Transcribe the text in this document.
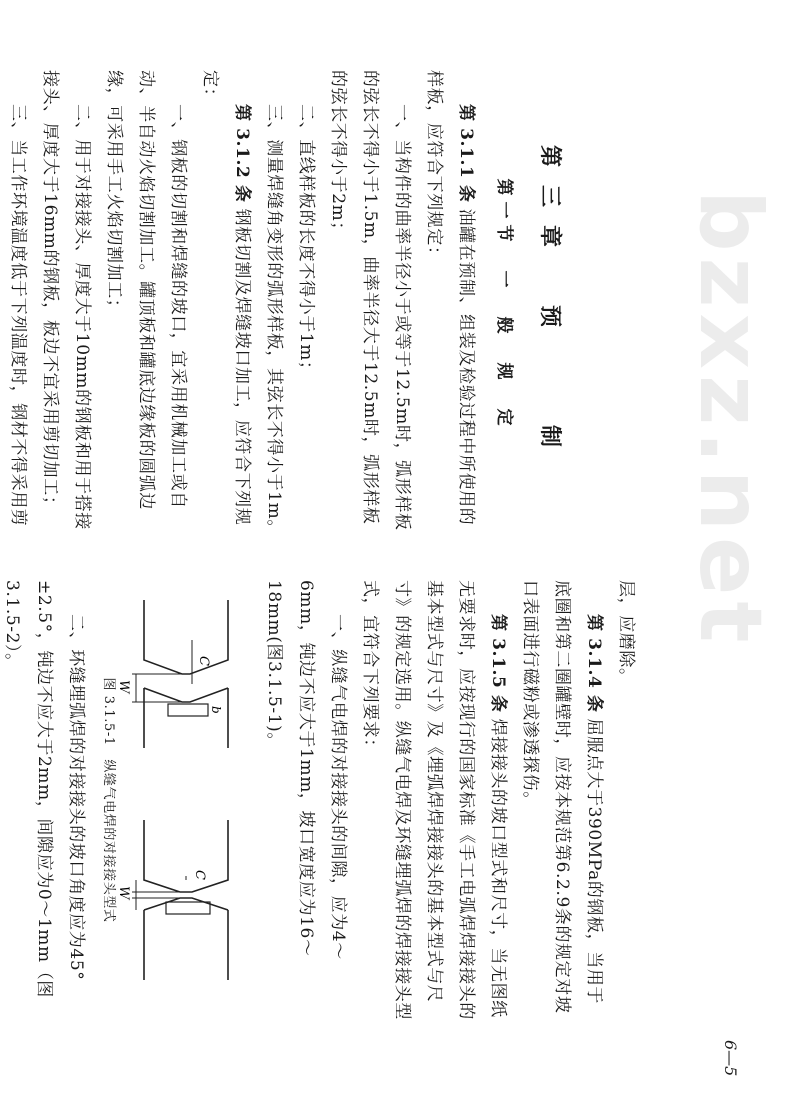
bzxz.net
6—5

第三章　预　　制

第一节　一　般　规　定

第 3.1.1 条 油罐在预制、组装及检验过程中所使用的样板，应符合下列规定：

一、当构件的曲率半径小于或等于12.5m时，弧形样板的弦长不得小于1.5m，曲率半径大于12.5m时，弧形样板的弦长不得小于2m；

二、直线样板的长度不得小于1m；

三、测量焊缝角变形的弧形样板，其弦长不得小于1m。

第 3.1.2 条 钢板切割及焊缝坡口加工，应符合下列规定：

一、钢板的切割和焊缝的坡口，宜采用机械加工或自动、半自动火焰切割加工。罐顶板和罐底边缘板的圆弧边缘，可采用手工火焰切割加工；

二、用于对接接头、厚度大于10mm的钢板和用于搭接接头、厚度大于16mm的钢板，板边不宜采用剪切加工；

三、当工作环境温度低于下列温度时，钢材不得采用剪

层，应磨除。

第 3.1.4 条 屈服点大于390MPa的钢板，当用于底圈和第二圈罐壁时，应按本规范第6.2.9条的规定对坡口表面进行磁粉或渗透探伤。

第 3.1.5 条 焊接接头的坡口型式和尺寸，当无图纸无要求时，应按现行的国家标准《手工电弧焊焊接接头的基本型式与尺寸》及《埋弧焊焊接接头的基本型式与尺寸》的规定选用。纵缝气电焊及环缝埋弧焊的焊接接头型式，宜符合下列要求：

一、纵缝气电焊的对接接头的间隙，应为4～6mm，钝边不应大于1mm，坡口宽度应为16～18mm(图3.1.5-1)。

C
W
b
C
W

图 3.1.5-1　纵缝气电焊的对接接头型式

二、环缝埋弧焊的对接接头的坡口角度应为45°±2.5°，钝边不应大于2mm，间隙应为0～1mm（图3.1.5-2）。
